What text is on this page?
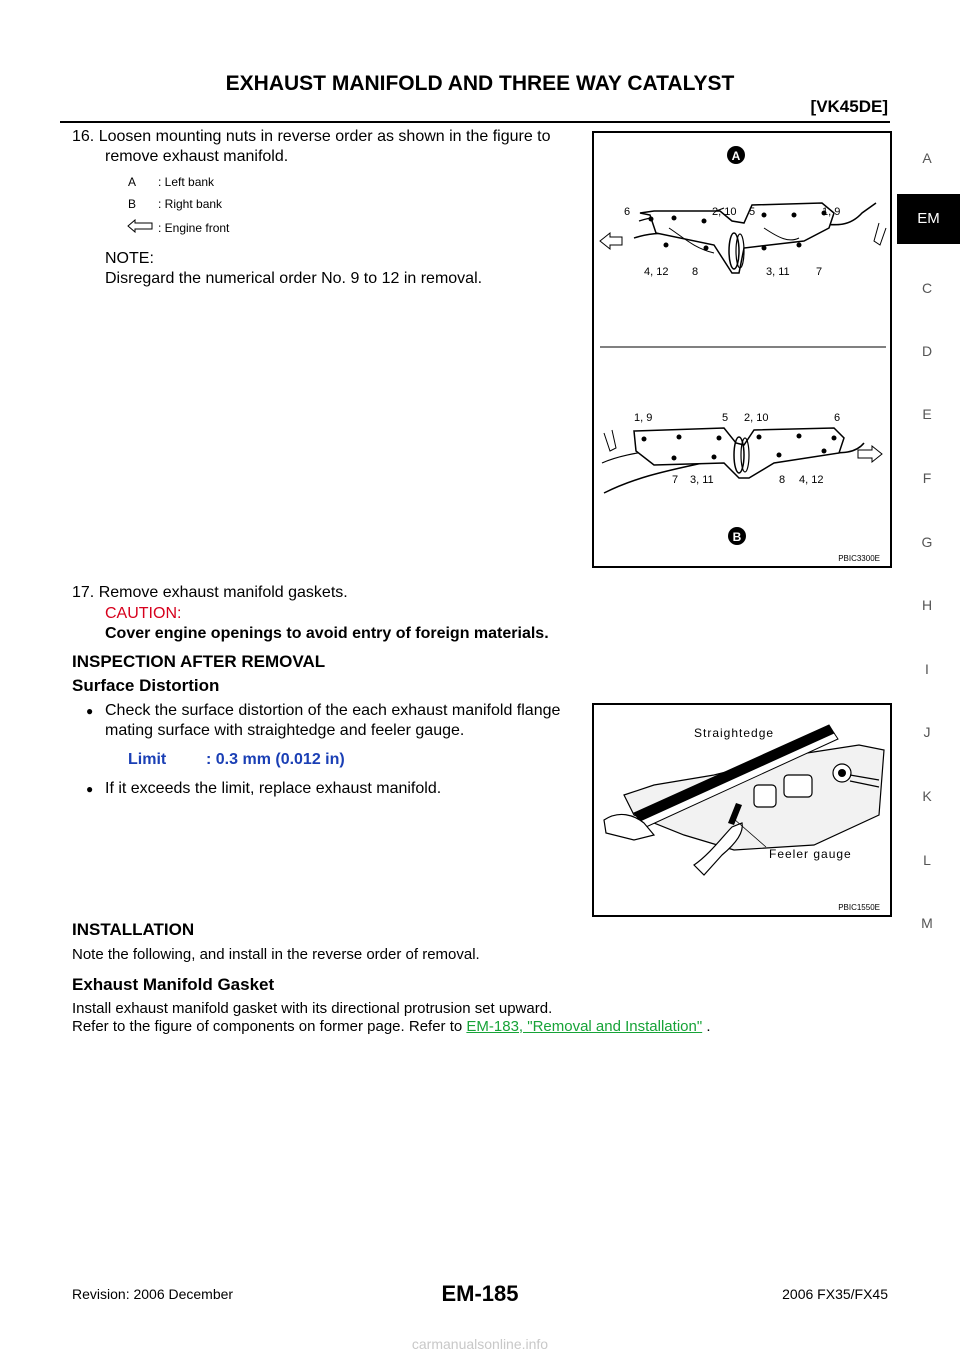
EXHAUST MANIFOLD AND THREE WAY CATALYST
[VK45DE]
A
EM
C
D
E
F
G
H
I
J
K
L
M
16. Loosen mounting nuts in reverse order as shown in the figure to
remove exhaust manifold.
A : Left bank
B : Right bank
: Engine front
NOTE:
Disregard the numerical order No. 9 to 12 in removal.
A
6	2, 10 5	1, 9
4, 12 8	3, 11 7
1, 9	5 2, 10	6
7 3, 11	8 4, 12
B
PBIC3300E
17. Remove exhaust manifold gaskets.
CAUTION:
Cover engine openings to avoid entry of foreign materials.
INSPECTION AFTER REMOVAL
Surface Distortion
● Check the surface distortion of the each exhaust manifold flange
mating surface with straightedge and feeler gauge.
Limit : 0.3 mm (0.012 in)
● If it exceeds the limit, replace exhaust manifold.
Straightedge
Feeler gauge
PBIC1550E
INSTALLATION
Note the following, and install in the reverse order of removal.
Exhaust Manifold Gasket
Install exhaust manifold gasket with its directional protrusion set upward.
Refer to the figure of components on former page. Refer to EM-183, "Removal and Installation" .
Revision: 2006 December	EM-185	2006 FX35/FX45
carmanualsonline.info
